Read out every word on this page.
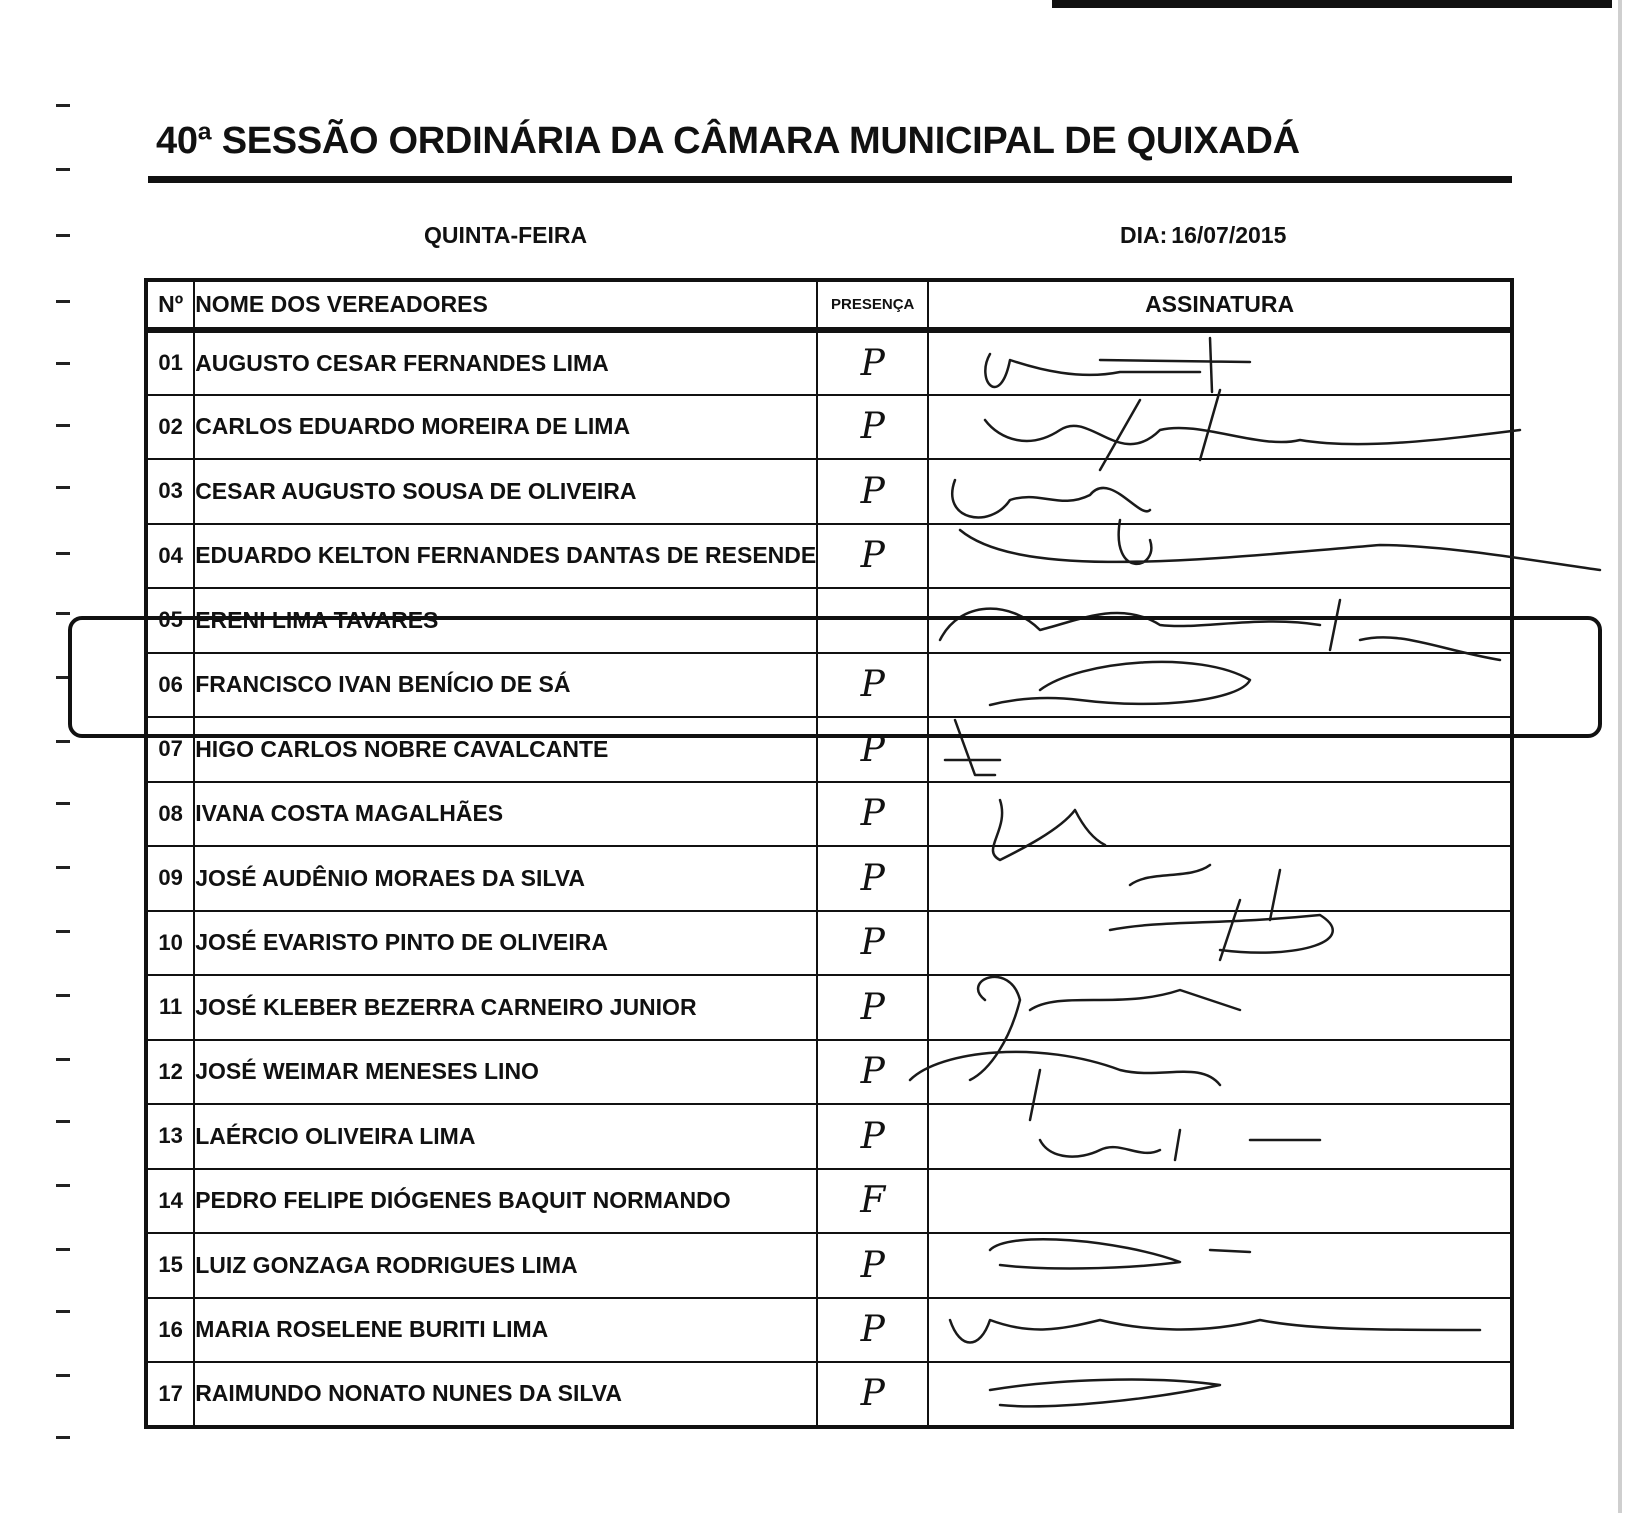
40ª SESSÃO ORDINÁRIA DA CÂMARA MUNICIPAL DE QUIXADÁ
QUINTA-FEIRA	DIA: 16/07/2015
Nº	NOME DOS VEREADORES	PRESENÇA	ASSINATURA
01	AUGUSTO CESAR FERNANDES LIMA	P	
02	CARLOS EDUARDO MOREIRA DE LIMA	P	
03	CESAR AUGUSTO SOUSA DE OLIVEIRA	P	
04	EDUARDO KELTON FERNANDES DANTAS DE RESENDE	P	
05	ERENI LIMA TAVARES		
06	FRANCISCO IVAN BENÍCIO DE SÁ	P	
07	HIGO CARLOS NOBRE CAVALCANTE	P	
08	IVANA COSTA MAGALHÃES	P	
09	JOSÉ AUDÊNIO MORAES DA SILVA	P	
10	JOSÉ EVARISTO PINTO DE OLIVEIRA	P	
11	JOSÉ KLEBER BEZERRA CARNEIRO JUNIOR	P	
12	JOSÉ WEIMAR MENESES LINO	P	
13	LAÉRCIO OLIVEIRA LIMA	P	
14	PEDRO FELIPE DIÓGENES BAQUIT NORMANDO	F	
15	LUIZ GONZAGA RODRIGUES LIMA	P	
16	MARIA ROSELENE BURITI LIMA	P	
17	RAIMUNDO NONATO NUNES DA SILVA	P	
